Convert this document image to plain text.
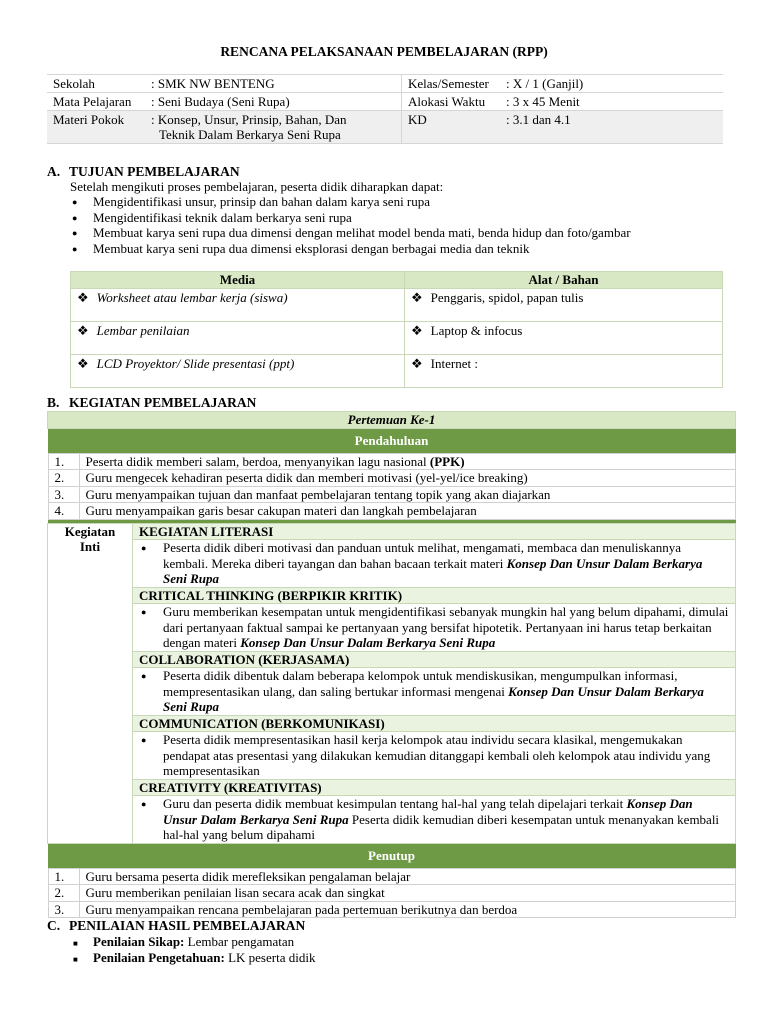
RENCANA PELAKSANAAN PEMBELAJARAN (RPP)
Sekolah	: SMK NW BENTENG	Kelas/Semester	: X / 1 (Ganjil)
Mata Pelajaran	: Seni Budaya (Seni Rupa)	Alokasi Waktu	: 3 x 45 Menit
Materi Pokok	: Konsep, Unsur, Prinsip, Bahan, Dan
Teknik Dalam Berkarya Seni Rupa	KD	: 3.1 dan 4.1
A. TUJUAN PEMBELAJARAN
Setelah mengikuti proses pembelajaran, peserta didik diharapkan dapat:
● Mengidentifikasi unsur, prinsip dan bahan dalam karya seni rupa
● Mengidentifikasi teknik dalam berkarya seni rupa
● Membuat karya seni rupa dua dimensi dengan melihat model benda mati, benda hidup dan foto/gambar
● Membuat karya seni rupa dua dimensi eksplorasi dengan berbagai media dan teknik
Media	Alat / Bahan
❖ Worksheet atau lembar kerja (siswa)	❖ Penggaris, spidol, papan tulis
❖ Lembar penilaian	❖ Laptop & infocus
❖ LCD Proyektor/ Slide presentasi (ppt)	❖ Internet :
B. KEGIATAN PEMBELAJARAN
Pertemuan Ke-1
Pendahuluan

1.	Peserta didik memberi salam, berdoa, menyanyikan lagu nasional (PPK)
2.	Guru mengecek kehadiran peserta didik dan memberi motivasi (yel-yel/ice breaking)
3.	Guru menyampaikan tujuan dan manfaat pembelajaran tentang topik yang akan diajarkan
4.	Guru menyampaikan garis besar cakupan materi dan langkah pembelajaran

Kegiatan
Inti
	KEGIATAN LITERASI
● Peserta didik diberi motivasi dan panduan untuk melihat, mengamati, membaca dan menuliskannya kembali. Mereka diberi tayangan dan bahan bacaan terkait materi Konsep Dan Unsur Dalam Berkarya Seni Rupa
CRITICAL THINKING (BERPIKIR KRITIK)
● Guru memberikan kesempatan untuk mengidentifikasi sebanyak mungkin hal yang belum dipahami, dimulai dari pertanyaan faktual sampai ke pertanyaan yang bersifat hipotetik. Pertanyaan ini harus tetap berkaitan dengan materi Konsep Dan Unsur Dalam Berkarya Seni Rupa
COLLABORATION (KERJASAMA)
● Peserta didik dibentuk dalam beberapa kelompok untuk mendiskusikan, mengumpulkan informasi, mempresentasikan ulang, dan saling bertukar informasi mengenai Konsep Dan Unsur Dalam Berkarya Seni Rupa
COMMUNICATION (BERKOMUNIKASI)
● Peserta didik mempresentasikan hasil kerja kelompok atau individu secara klasikal, mengemukakan pendapat atas presentasi yang dilakukan kemudian ditanggapi kembali oleh kelompok atau individu yang mempresentasikan
CREATIVITY (KREATIVITAS)
● Guru dan peserta didik membuat kesimpulan tentang hal-hal yang telah dipelajari terkait Konsep Dan Unsur Dalam Berkarya Seni Rupa Peserta didik kemudian diberi kesempatan untuk menanyakan kembali hal-hal yang belum dipahami
Penutup

1.	Guru bersama peserta didik merefleksikan pengalaman belajar
2.	Guru memberikan penilaian lisan secara acak dan singkat
3.	Guru menyampaikan rencana pembelajaran pada pertemuan berikutnya dan berdoa
C. PENILAIAN HASIL PEMBELAJARAN
■ Penilaian Sikap: Lembar pengamatan
■ Penilaian Pengetahuan: LK peserta didik
